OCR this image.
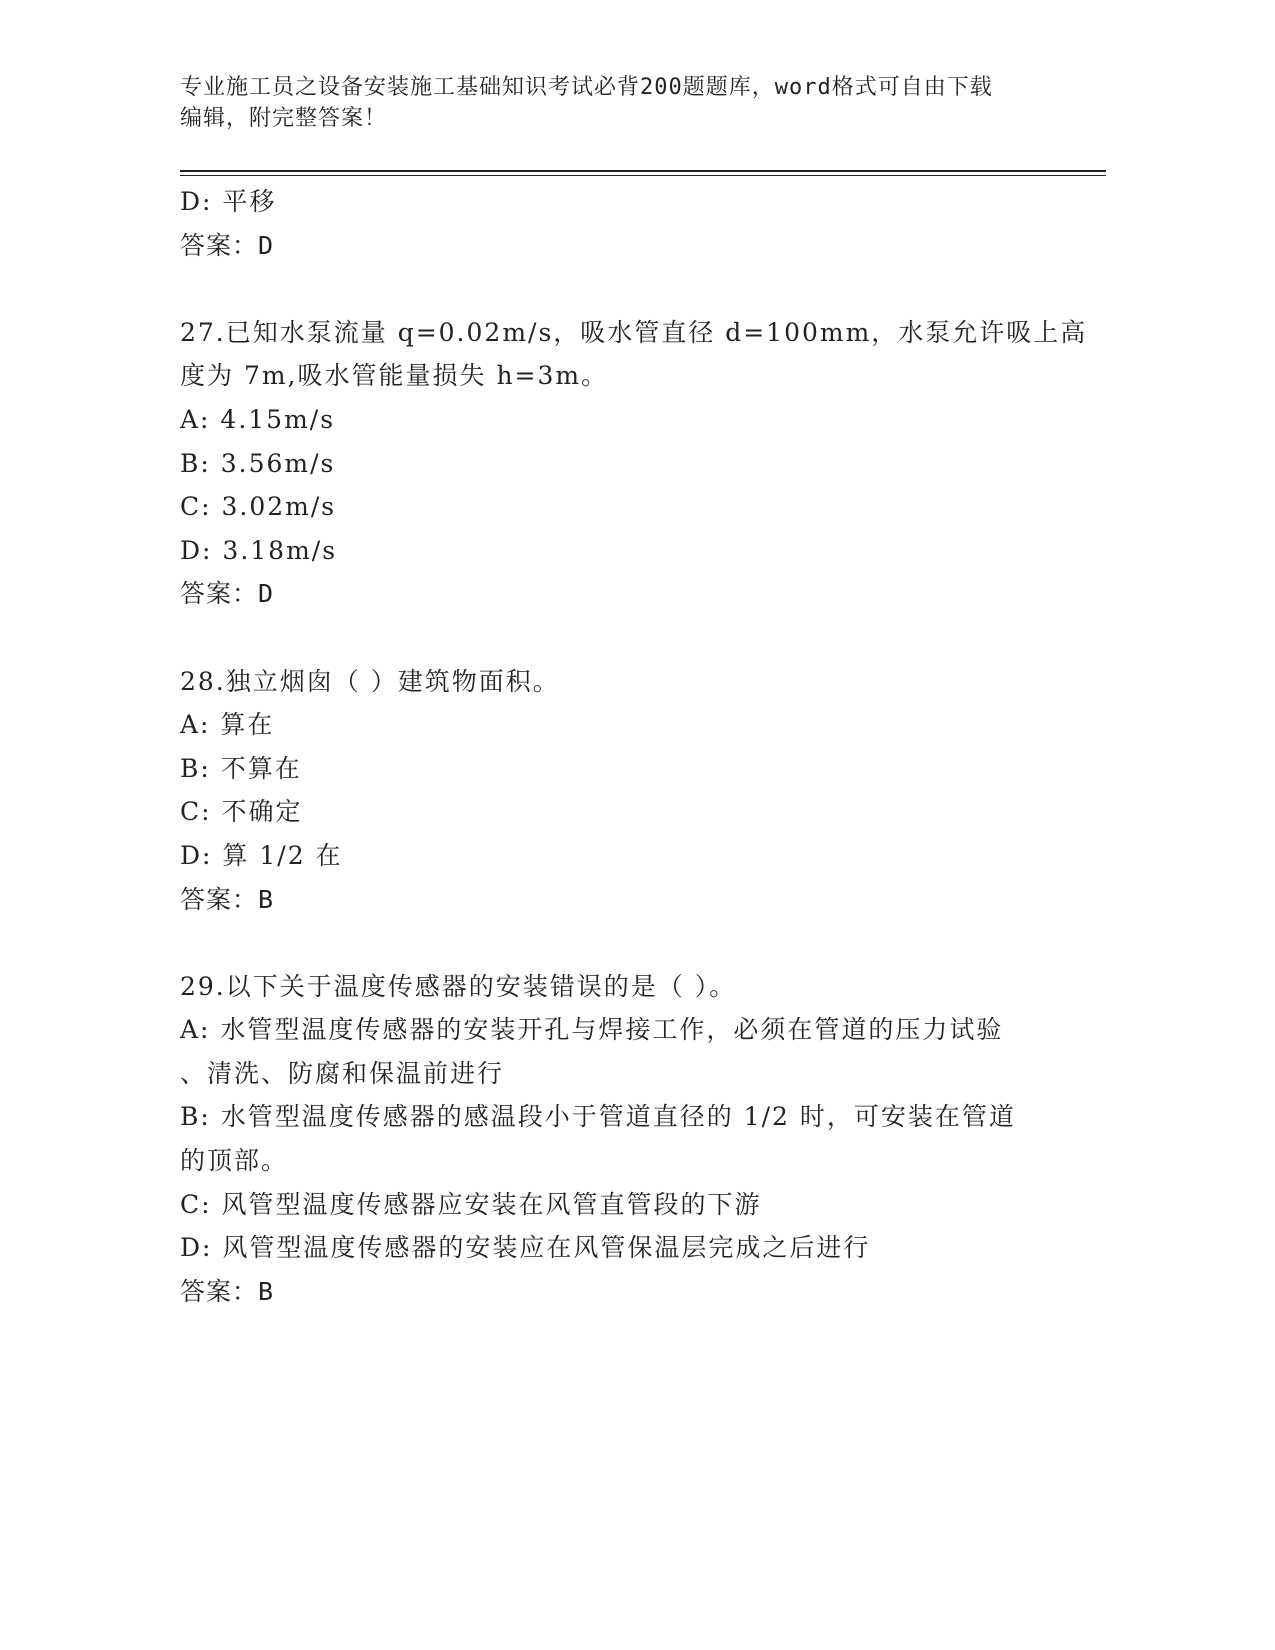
专业施工员之设备安装施工基础知识考试必背200题题库，word格式可自由下载
编辑，附完整答案！
D: 平移
答案：D
27.已知水泵流量 q=0.02m/s，吸水管直径 d=100mm，水泵允许吸上高
度为 7m,吸水管能量损失 h=3m。
A: 4.15m/s
B: 3.56m/s
C: 3.02m/s
D: 3.18m/s
答案：D
28.独立烟囱（ ）建筑物面积。
A: 算在
B: 不算在
C: 不确定
D: 算 1/2 在
答案：B
29.以下关于温度传感器的安装错误的是（ ）。
A: 水管型温度传感器的安装开孔与焊接工作，必须在管道的压力试验
、清洗、防腐和保温前进行
B: 水管型温度传感器的感温段小于管道直径的 1/2 时，可安装在管道
的顶部。
C: 风管型温度传感器应安装在风管直管段的下游
D: 风管型温度传感器的安装应在风管保温层完成之后进行
答案：B
